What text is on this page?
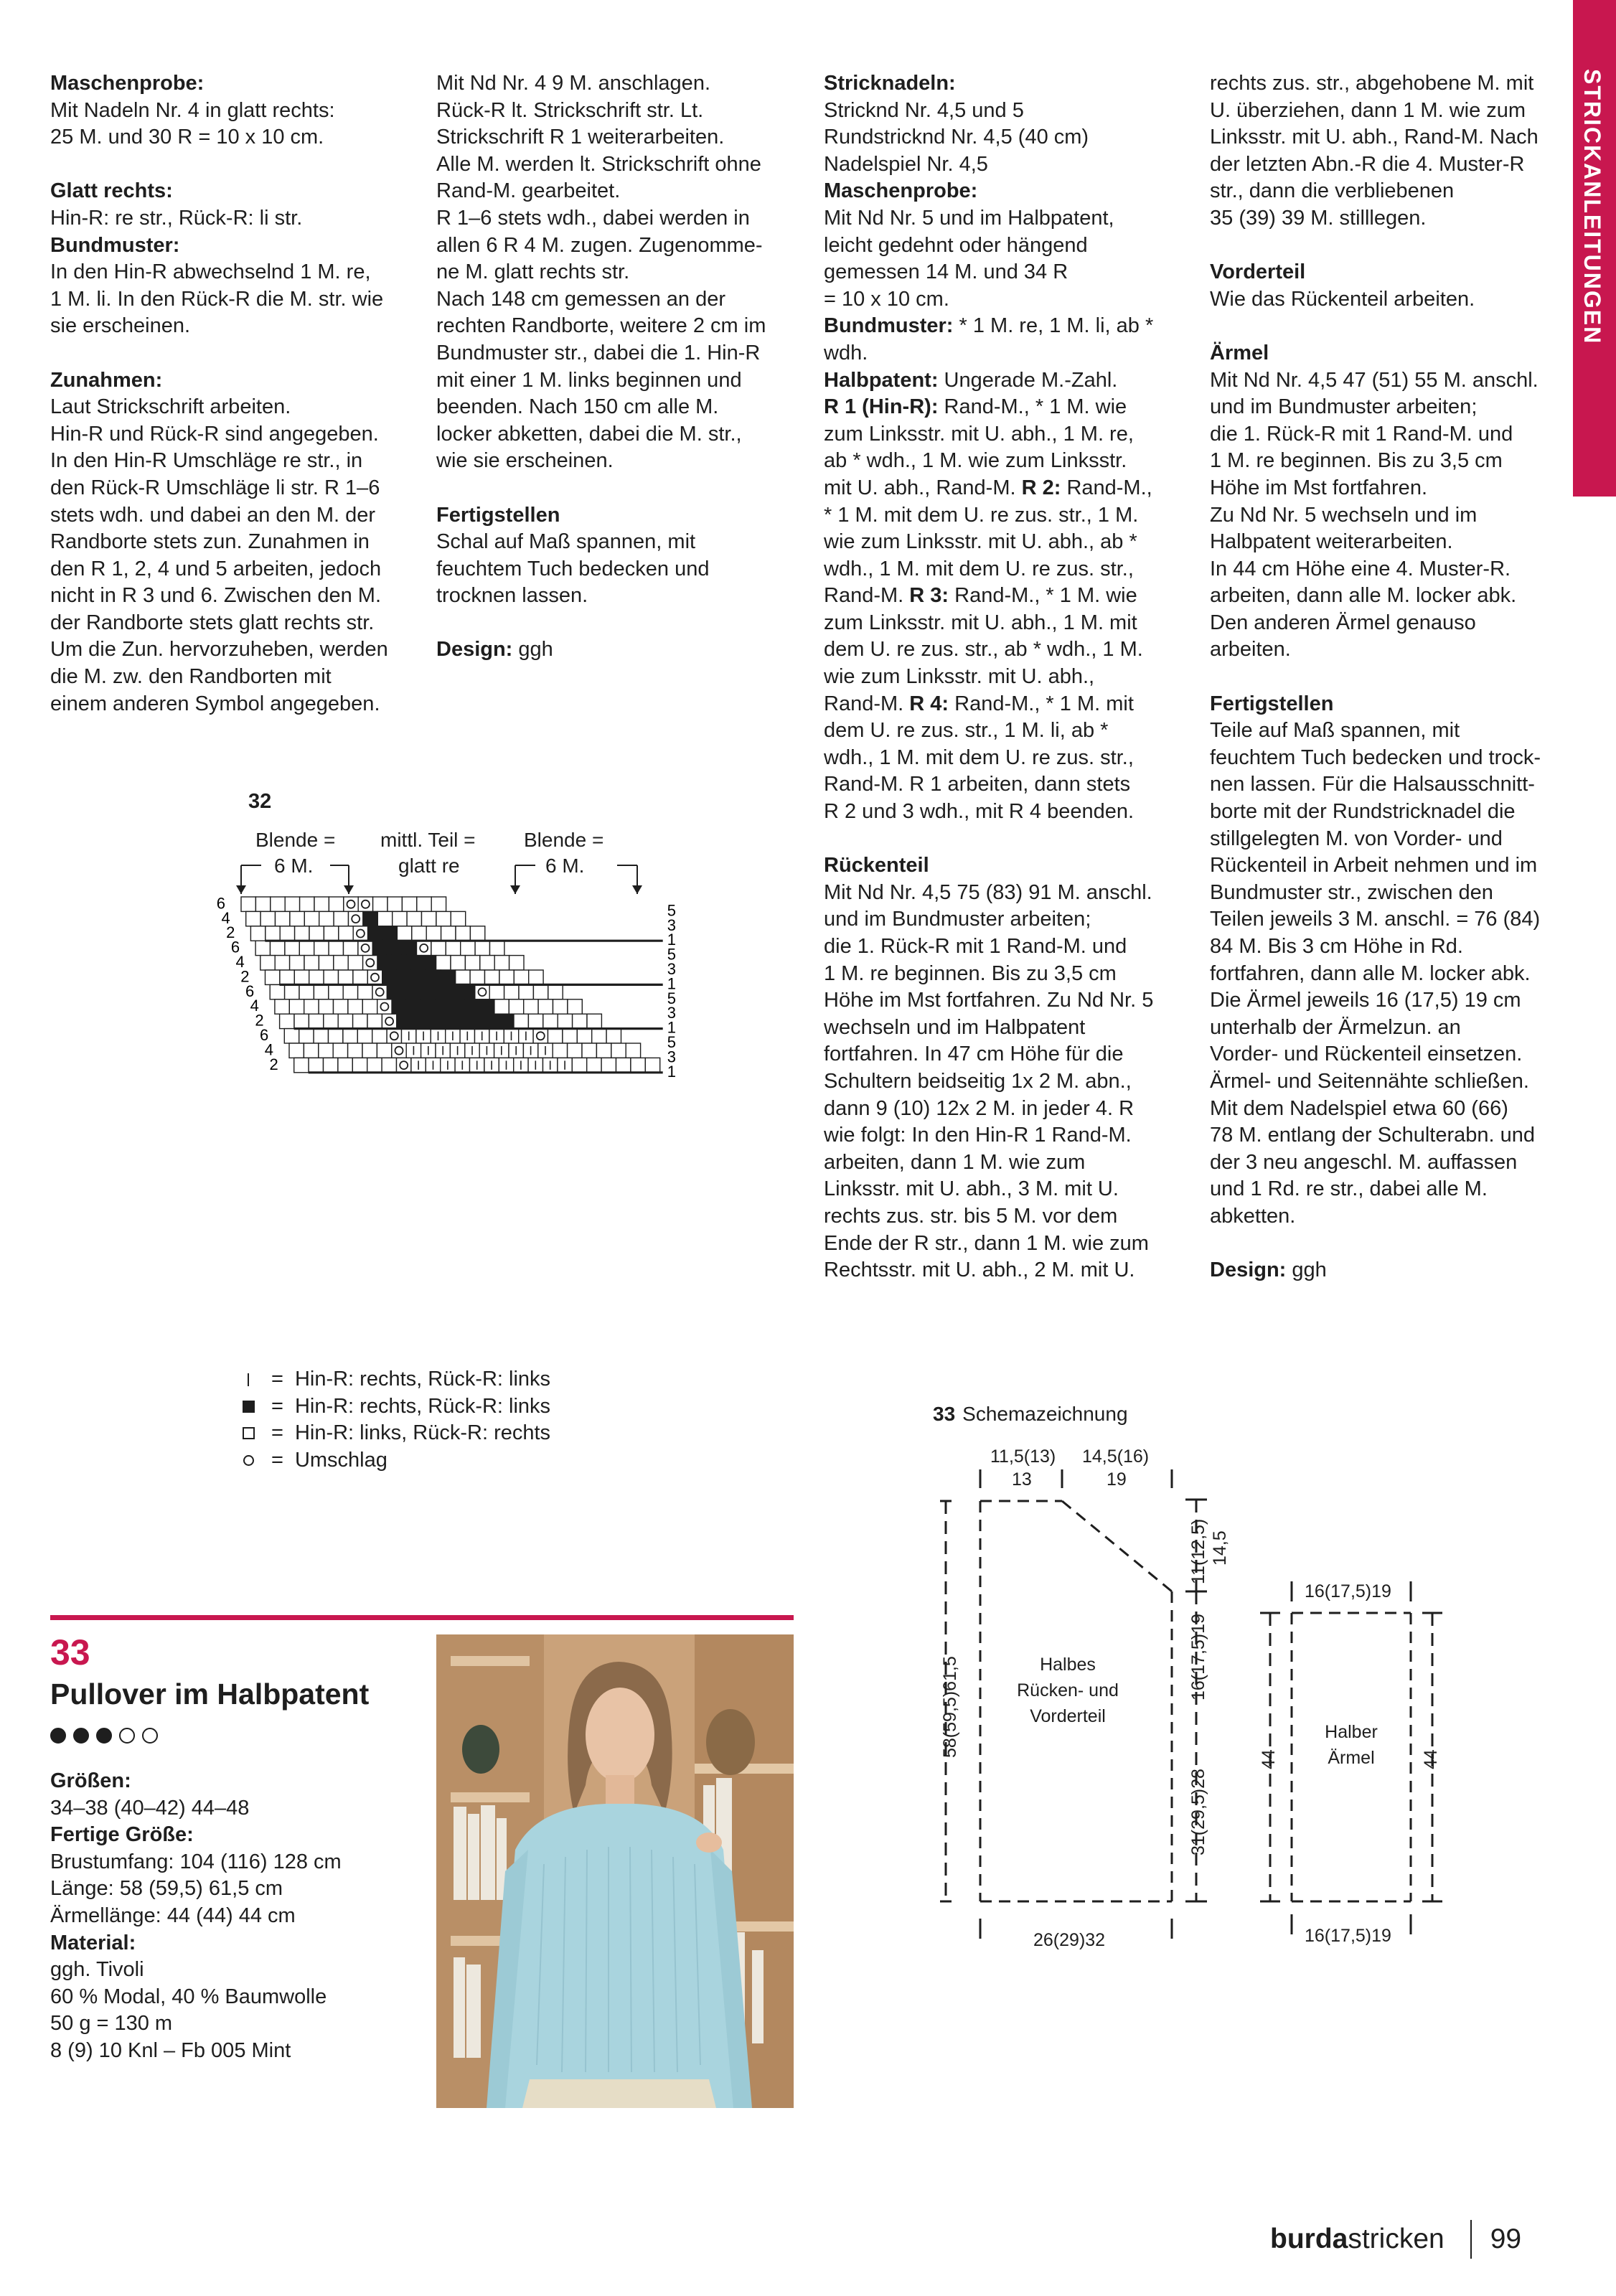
STRICKANLEITUNGEN

Maschenprobe:

Mit Nadeln Nr. 4 in glatt rechts:

25 M. und 30 R = 10 x 10 cm.

Glatt rechts:

Hin-R: re str., Rück-R: li str.

Bundmuster:

In den Hin-R abwechselnd 1 M. re,

1 M. li. In den Rück-R die M. str. wie

sie erscheinen.

Zunahmen:

Laut Strickschrift arbeiten.

Hin-R und Rück-R sind angegeben.

In den Hin-R Umschläge re str., in

den Rück-R Umschläge li str. R 1–6

stets wdh. und dabei an den M. der

Randborte stets zun. Zunahmen in

den R 1, 2, 4 und 5 arbeiten, jedoch

nicht in R 3 und 6. Zwischen den M.

der Randborte stets glatt rechts str.

Um die Zun. hervorzuheben, werden

die M. zw. den Randborten mit

einem anderen Symbol angegeben.

Mit Nd Nr. 4 9 M. anschlagen.

Rück-R lt. Strickschrift str. Lt.

Strickschrift R 1 weiterarbeiten.

Alle M. werden lt. Strickschrift ohne

Rand-M. gearbeitet.

R 1–6 stets wdh., dabei werden in

allen 6 R 4 M. zugen. Zugenomme-

ne M. glatt rechts str.

Nach 148 cm gemessen an der

rechten Randborte, weitere 2 cm im

Bundmuster str., dabei die 1. Hin-R

mit einer 1 M. links beginnen und

beenden. Nach 150 cm alle M.

locker abketten, dabei die M. str.,

wie sie erscheinen.

Fertigstellen

Schal auf Maß spannen, mit

feuchtem Tuch bedecken und

trocknen lassen.

Design: ggh

Stricknadeln:

Stricknd Nr. 4,5 und 5

Rundstricknd Nr. 4,5 (40 cm)

Nadelspiel Nr. 4,5

Maschenprobe:

Mit Nd Nr. 5 und im Halbpatent,

leicht gedehnt oder hängend

gemessen 14 M. und 34 R

= 10 x 10 cm.

Bundmuster: * 1 M. re, 1 M. li, ab *

wdh.

Halbpatent: Ungerade M.-Zahl.

R 1 (Hin-R): Rand-M., * 1 M. wie

zum Linksstr. mit U. abh., 1 M. re,

ab * wdh., 1 M. wie zum Linksstr.

mit U. abh., Rand-M. R 2: Rand-M.,

* 1 M. mit dem U. re zus. str., 1 M.

wie zum Linksstr. mit U. abh., ab *

wdh., 1 M. mit dem U. re zus. str.,

Rand-M. R 3: Rand-M., * 1 M. wie

zum Linksstr. mit U. abh., 1 M. mit

dem U. re zus. str., ab * wdh., 1 M.

wie zum Linksstr. mit U. abh.,

Rand-M. R 4: Rand-M., * 1 M. mit

dem U. re zus. str., 1 M. li, ab *

wdh., 1 M. mit dem U. re zus. str.,

Rand-M. R 1 arbeiten, dann stets

R 2 und 3 wdh., mit R 4 beenden.

Rückenteil

Mit Nd Nr. 4,5 75 (83) 91 M. anschl.

und im Bundmuster arbeiten;

die 1. Rück-R mit 1 Rand-M. und

1 M. re beginnen. Bis zu 3,5 cm

Höhe im Mst fortfahren. Zu Nd Nr. 5

wechseln und im Halbpatent

fortfahren. In 47 cm Höhe für die

Schultern beidseitig 1x 2 M. abn.,

dann 9 (10) 12x 2 M. in jeder 4. R

wie folgt: In den Hin-R 1 Rand-M.

arbeiten, dann 1 M. wie zum

Linksstr. mit U. abh., 3 M. mit U.

rechts zus. str. bis 5 M. vor dem

Ende der R str., dann 1 M. wie zum

Rechtsstr. mit U. abh., 2 M. mit U.

rechts zus. str., abgehobene M. mit

U. überziehen, dann 1 M. wie zum

Linksstr. mit U. abh., Rand-M. Nach

der letzten Abn.-R die 4. Muster-R

str., dann die verbliebenen

35 (39) 39 M. stilllegen.

Vorderteil

Wie das Rückenteil arbeiten.

Ärmel

Mit Nd Nr. 4,5 47 (51) 55 M. anschl.

und im Bundmuster arbeiten;

die 1. Rück-R mit 1 Rand-M. und

1 M. re beginnen. Bis zu 3,5 cm

Höhe im Mst fortfahren.

Zu Nd Nr. 5 wechseln und im

Halbpatent weiterarbeiten.

In 44 cm Höhe eine 4. Muster-R.

arbeiten, dann alle M. locker abk.

Den anderen Ärmel genauso

arbeiten.

Fertigstellen

Teile auf Maß spannen, mit

feuchtem Tuch bedecken und trock-

nen lassen. Für die Halsausschnitt-

borte mit der Rundstricknadel die

stillgelegten M. von Vorder- und

Rückenteil in Arbeit nehmen und im

Bundmuster str., zwischen den

Teilen jeweils 3 M. anschl. = 76 (84)

84 M. Bis 3 cm Höhe in Rd.

fortfahren, dann alle M. locker abk.

Die Ärmel jeweils 16 (17,5) 19 cm

unterhalb der Ärmelzun. an

Vorder- und Rückenteil einsetzen.

Ärmel- und Seitennähte schließen.

Mit dem Nadelspiel etwa 60 (66)

78 M. entlang der Schulterabn. und

der 3 neu angeschl. M. auffassen

und 1 Rd. re str., dabei alle M.

abketten.

Design: ggh

32
Blende =
6 M.
mittl. Teil =
glatt re
Blende =
6 M.
6	5
4	3
2	1
6	5
4	3
2	1
6	5
4	3
2	1
6	5
4	3
2	1
= Hin-R: rechts, Rück-R: links
= Hin-R: rechts, Rück-R: links
= Hin-R: links, Rück-R: rechts
= Umschlag
33
Pullover im Halbpatent

Größen:

34–38 (40–42) 44–48

Fertige Größe:

Brustumfang: 104 (116) 128 cm

Länge: 58 (59,5) 61,5 cm

Ärmellänge: 44 (44) 44 cm

Material:

ggh. Tivoli

60 % Modal, 40 % Baumwolle

50 g = 130 m

8 (9) 10 Knl – Fb 005 Mint

33 Schemazeichnung
11,5(13)
13
14,5(16)
19
11(12,5) 14,5
16(17,5)19
31(29,5)28
58(59,5)61,5	Halbes
Rücken- und
Vorderteil
26(29)32
16(17,5)19
16(17,5)19
44	44
Halber
Ärmel
burdastricken 99
